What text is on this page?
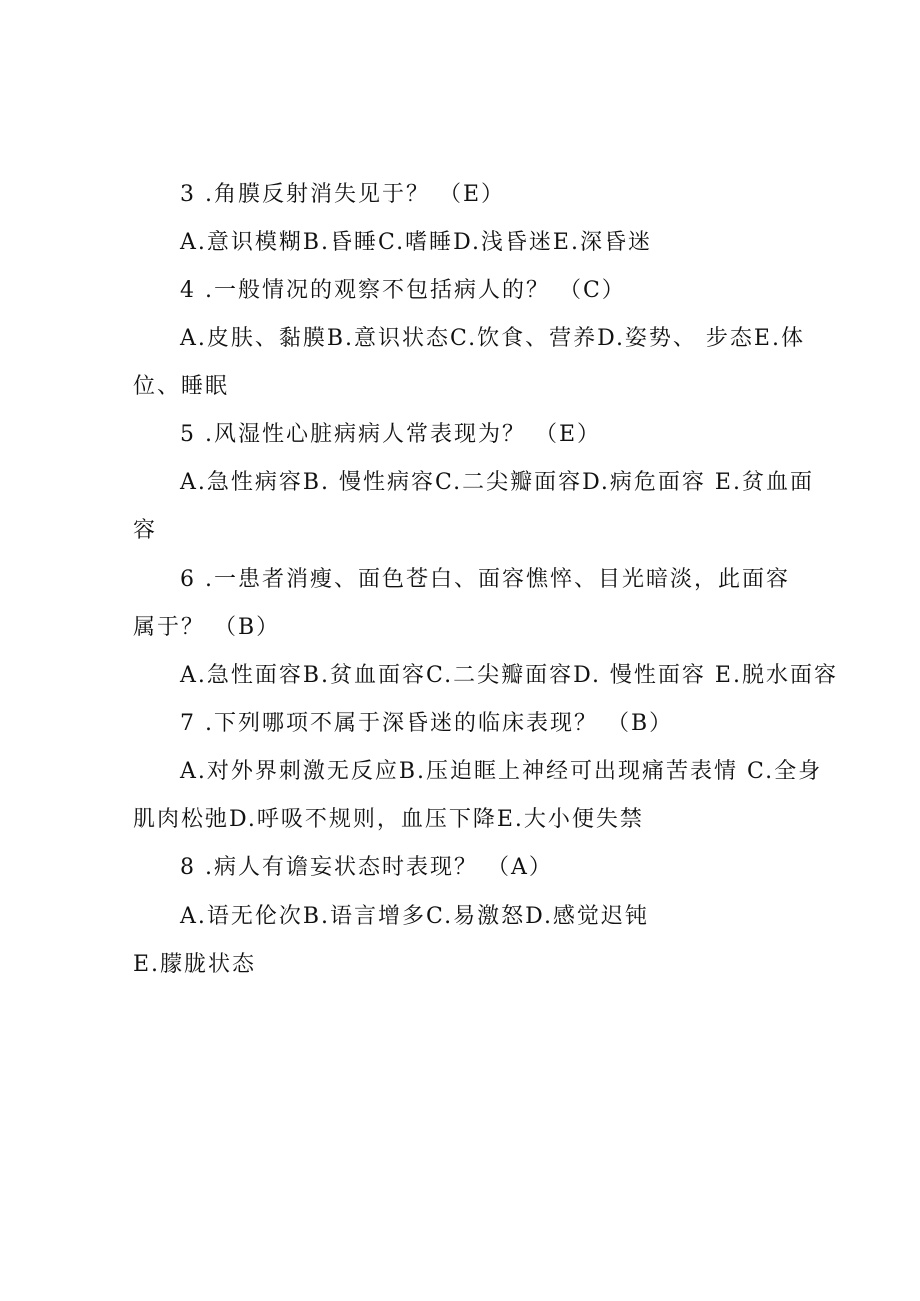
3 .角膜反射消失见于？ （E）
A.意识模糊B.昏睡C.嗜睡D.浅昏迷E.深昏迷
4 .一般情况的观察不包括病人的？ （C）
A.皮肤、黏膜B.意识状态C.饮食、营养D.姿势、 步态E.体
位、睡眠
5 .风湿性心脏病病人常表现为？ （E）
A.急性病容B. 慢性病容C.二尖瓣面容D.病危面容 E.贫血面
容
6 .一患者消瘦、面色苍白、面容憔悴、目光暗淡，此面容
属于？ （B）
A.急性面容B.贫血面容C.二尖瓣面容D. 慢性面容 E.脱水面容
7 .下列哪项不属于深昏迷的临床表现？ （B）
A.对外界刺激无反应B.压迫眶上神经可出现痛苦表情 C.全身
肌肉松弛D.呼吸不规则，血压下降E.大小便失禁
8 .病人有谵妄状态时表现？ （A）
A.语无伦次B.语言增多C.易激怒D.感觉迟钝
E.朦胧状态
